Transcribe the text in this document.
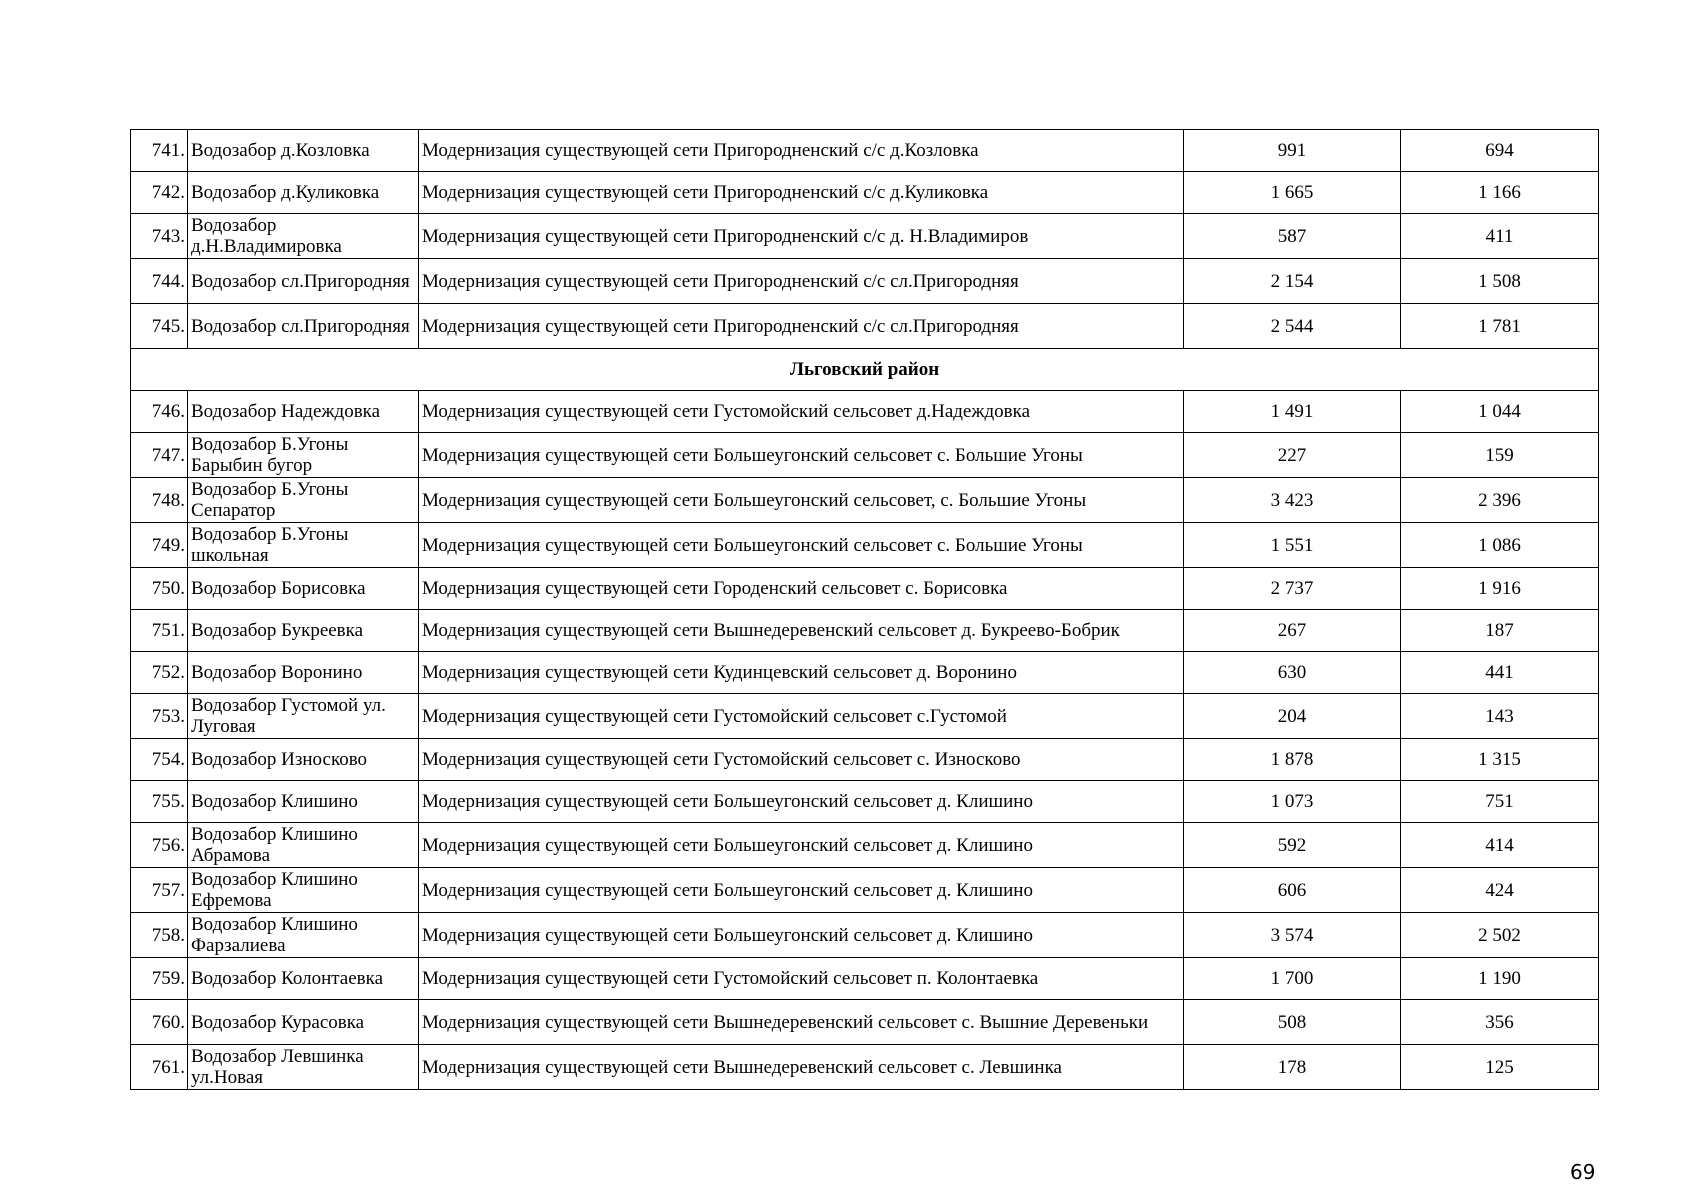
741.	Водозабор д.Козловка	Модернизация существующей сети Пригородненский с/с д.Козловка	991	694
742.	Водозабор д.Куликовка	Модернизация существующей сети Пригородненский с/с д.Куликовка	1 665	1 166
743.	Водозабор д.Н.Владимировка	Модернизация существующей сети Пригородненский с/с д. Н.Владимиров	587	411
744.	Водозабор сл.Пригородняя	Модернизация существующей сети Пригородненский с/с сл.Пригородняя	2 154	1 508
745.	Водозабор сл.Пригородняя	Модернизация существующей сети Пригородненский с/с сл.Пригородняя	2 544	1 781
Льговский район				
746.	Водозабор Надеждовка	Модернизация существующей сети Густомойский сельсовет д.Надеждовка	1 491	1 044
747.	Водозабор Б.Угоны Барыбин бугор	Модернизация существующей сети Большеугонский сельсовет с. Большие Угоны	227	159
748.	Водозабор Б.Угоны Сепаратор	Модернизация существующей сети Большеугонский сельсовет, с. Большие Угоны	3 423	2 396
749.	Водозабор Б.Угоны школьная	Модернизация существующей сети Большеугонский сельсовет с. Большие Угоны	1 551	1 086
750.	Водозабор Борисовка	Модернизация существующей сети Городенский сельсовет с. Борисовка	2 737	1 916
751.	Водозабор Букреевка	Модернизация существующей сети Вышнедеревенский сельсовет д. Букреево-Бобрик	267	187
752.	Водозабор Воронино	Модернизация существующей сети Кудинцевский сельсовет д. Воронино	630	441
753.	Водозабор Густомой ул. Луговая	Модернизация существующей сети Густомойский сельсовет с.Густомой	204	143
754.	Водозабор Износково	Модернизация существующей сети Густомойский сельсовет с. Износково	1 878	1 315
755.	Водозабор Клишино	Модернизация существующей сети Большеугонский сельсовет д. Клишино	1 073	751
756.	Водозабор Клишино Абрамова	Модернизация существующей сети Большеугонский сельсовет д. Клишино	592	414
757.	Водозабор Клишино Ефремова	Модернизация существующей сети Большеугонский сельсовет д. Клишино	606	424
758.	Водозабор Клишино Фарзалиева	Модернизация существующей сети Большеугонский сельсовет д. Клишино	3 574	2 502
759.	Водозабор Колонтаевка	Модернизация существующей сети Густомойский сельсовет п. Колонтаевка	1 700	1 190
760.	Водозабор Курасовка	Модернизация существующей сети Вышнедеревенский сельсовет с. Вышние Деревеньки	508	356
761.	Водозабор Левшинка ул.Новая	Модернизация существующей сети Вышнедеревенский сельсовет с. Левшинка	178	125
69
